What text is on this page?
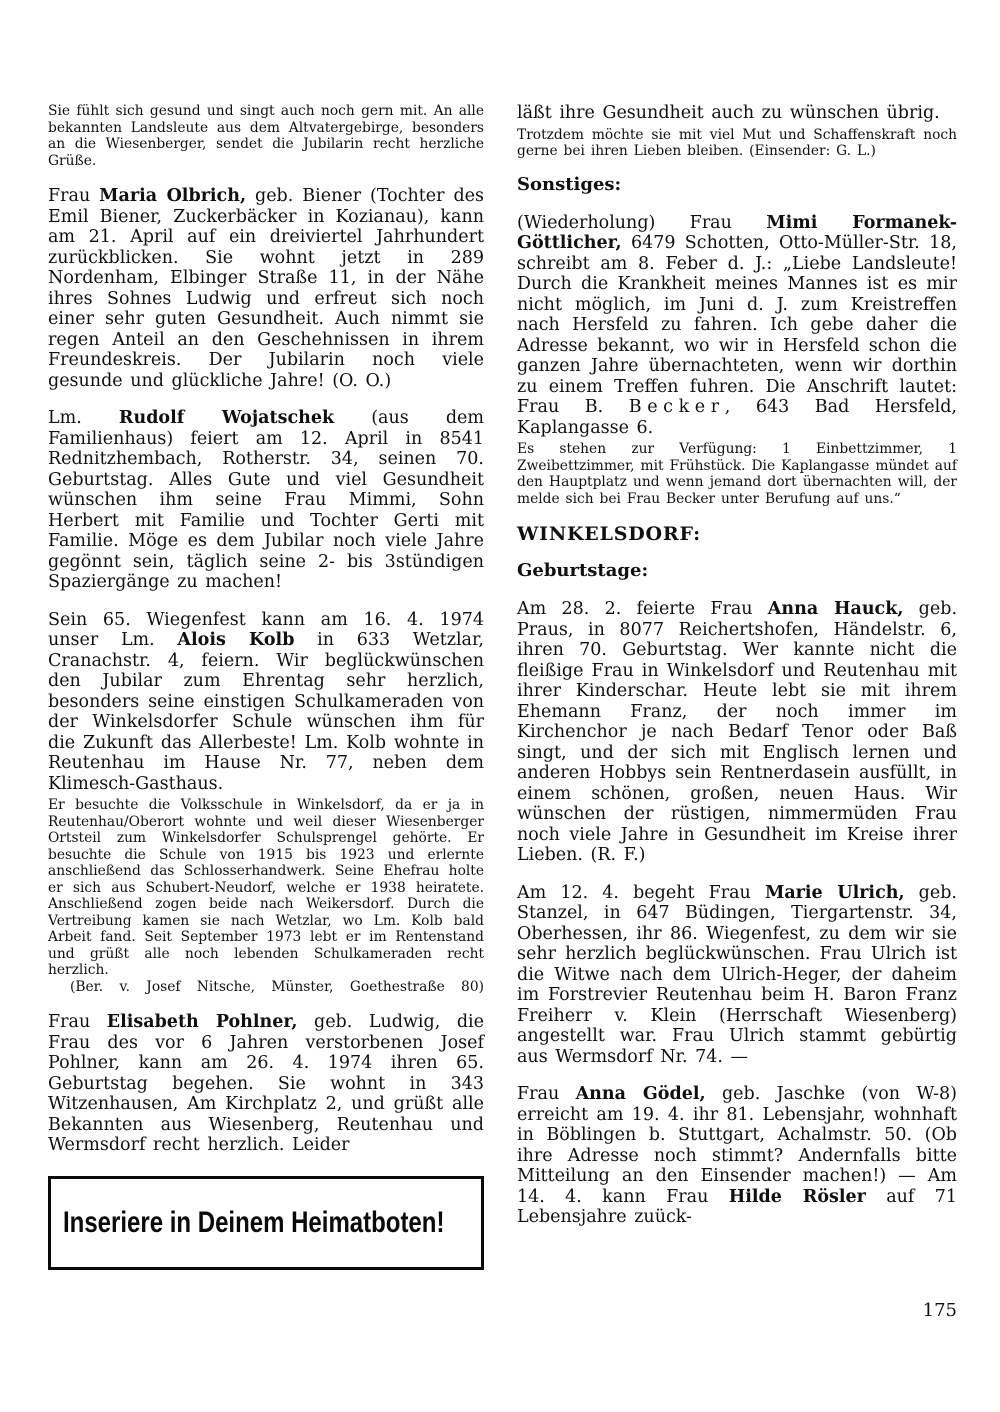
Sie fühlt sich gesund und singt auch noch gern mit. An alle bekannten Landsleute aus dem Altvatergebirge, besonders an die Wiesenberger, sendet die Jubilarin recht herzliche Grüße.

Frau Maria Olbrich, geb. Biener (Tochter des Emil Biener, Zuckerbäcker in Kozianau), kann am 21. April auf ein dreiviertel Jahrhundert zurückblicken. Sie wohnt jetzt in 289 Nordenham, Elbinger Straße 11, in der Nähe ihres Sohnes Ludwig und erfreut sich noch einer sehr guten Gesundheit. Auch nimmt sie regen Anteil an den Geschehnissen in ihrem Freundeskreis. Der Jubilarin noch viele gesunde und glückliche Jahre! (O. O.)

Lm. Rudolf Wojatschek (aus dem Familienhaus) feiert am 12. April in 8541 Rednitzhembach, Rotherstr. 34, seinen 70. Geburtstag. Alles Gute und viel Gesundheit wünschen ihm seine Frau Mimmi, Sohn Herbert mit Familie und Tochter Gerti mit Familie. Möge es dem Jubilar noch viele Jahre gegönnt sein, täglich seine 2- bis 3stündigen Spaziergänge zu machen!

Sein 65. Wiegenfest kann am 16. 4. 1974 unser Lm. Alois Kolb in 633 Wetzlar, Cranachstr. 4, feiern. Wir beglückwünschen den Jubilar zum Ehrentag sehr herzlich, besonders seine einstigen Schulkameraden von der Winkelsdorfer Schule wünschen ihm für die Zukunft das Allerbeste! Lm. Kolb wohnte in Reutenhau im Hause Nr. 77, neben dem Klimesch-Gasthaus.

Er besuchte die Volksschule in Winkelsdorf, da er ja in Reutenhau/Oberort wohnte und weil dieser Wiesenberger Ortsteil zum Winkelsdorfer Schulsprengel gehörte. Er besuchte die Schule von 1915 bis 1923 und erlernte anschließend das Schlosserhandwerk. Seine Ehefrau holte er sich aus Schubert-Neudorf, welche er 1938 heiratete. Anschließend zogen beide nach Weikersdorf. Durch die Vertreibung kamen sie nach Wetzlar, wo Lm. Kolb bald Arbeit fand. Seit September 1973 lebt er im Rentenstand und grüßt alle noch lebenden Schulkameraden recht herzlich.

(Ber. v. Josef Nitsche, Münster, Goethestraße 80)

Frau Elisabeth Pohlner, geb. Ludwig, die Frau des vor 6 Jahren verstorbenen Josef Pohlner, kann am 26. 4. 1974 ihren 65. Geburtstag begehen. Sie wohnt in 343 Witzenhausen, Am Kirchplatz 2, und grüßt alle Bekannten aus Wiesenberg, Reutenhau und Wermsdorf recht herzlich. Leider

Inseriere in Deinem Heimatboten!

läßt ihre Gesundheit auch zu wünschen übrig.

Trotzdem möchte sie mit viel Mut und Schaffenskraft noch gerne bei ihren Lieben bleiben. (Einsender: G. L.)

Sonstiges:

(Wiederholung) Frau Mimi Formanek-Göttlicher, 6479 Schotten, Otto-Müller-Str. 18, schreibt am 8. Feber d. J.: „Liebe Landsleute! Durch die Krankheit meines Mannes ist es mir nicht möglich, im Juni d. J. zum Kreistreffen nach Hersfeld zu fahren. Ich gebe daher die Adresse bekannt, wo wir in Hersfeld schon die ganzen Jahre übernachteten, wenn wir dorthin zu einem Treffen fuhren. Die Anschrift lautet: Frau B. Becker, 643 Bad Hersfeld, Kaplangasse 6.

Es stehen zur Verfügung: 1 Einbettzimmer, 1 Zweibettzimmer, mit Frühstück. Die Kaplangasse mündet auf den Hauptplatz und wenn jemand dort übernachten will, der melde sich bei Frau Becker unter Berufung auf uns.“

WINKELSDORF:

Geburtstage:

Am 28. 2. feierte Frau Anna Hauck, geb. Praus, in 8077 Reichertshofen, Händelstr. 6, ihren 70. Geburtstag. Wer kannte nicht die fleißige Frau in Winkelsdorf und Reutenhau mit ihrer Kinderschar. Heute lebt sie mit ihrem Ehemann Franz, der noch immer im Kirchenchor je nach Bedarf Tenor oder Baß singt, und der sich mit Englisch lernen und anderen Hobbys sein Rentnerdasein ausfüllt, in einem schönen, großen, neuen Haus. Wir wünschen der rüstigen, nimmermüden Frau noch viele Jahre in Gesundheit im Kreise ihrer Lieben. (R. F.)

Am 12. 4. begeht Frau Marie Ulrich, geb. Stanzel, in 647 Büdingen, Tiergartenstr. 34, Oberhessen, ihr 86. Wiegenfest, zu dem wir sie sehr herzlich beglückwünschen. Frau Ulrich ist die Witwe nach dem Ulrich-Heger, der daheim im Forstrevier Reutenhau beim H. Baron Franz Freiherr v. Klein (Herrschaft Wiesenberg) angestellt war. Frau Ulrich stammt gebürtig aus Wermsdorf Nr. 74. —

Frau Anna Gödel, geb. Jaschke (von W-8) erreicht am 19. 4. ihr 81. Lebensjahr, wohnhaft in Böblingen b. Stuttgart, Achalmstr. 50. (Ob ihre Adresse noch stimmt? Andernfalls bitte Mitteilung an den Einsender machen!) — Am 14. 4. kann Frau Hilde Rösler auf 71 Lebensjahre zuück-

175
